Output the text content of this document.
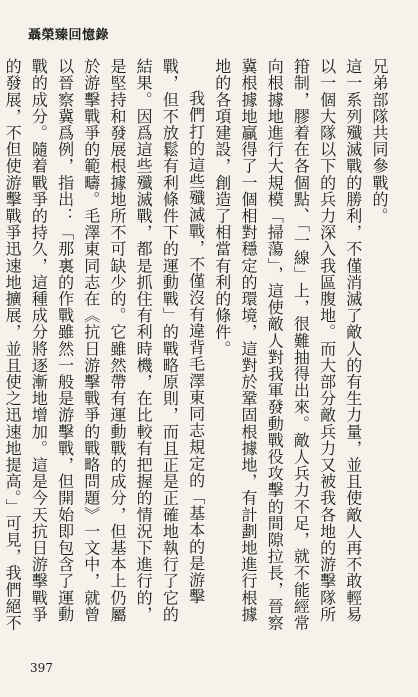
聶榮臻回憶錄

兄弟部隊共同參戰的。

這一系列殲滅戰的勝利，不僅消滅了敵人的有生力量，並且使敵人再不敢輕易以一個大隊以下的兵力深入我區腹地。而大部分敵兵力又被我各地的游擊隊所箝制，膠着在各個點、「一線」上，很難抽得出來。敵人兵力不足，就不能經常向根據地進行大規模「掃蕩」，這使敵人對我軍發動戰役攻擊的間隙拉長，晉察冀根據地贏得了一個相對穩定的環境，這對於鞏固根據地，有計劃地進行根據地的各項建設，創造了相當有利的條件。

我們打的這些殲滅戰，不僅沒有違背毛澤東同志規定的「基本的是游擊戰，但不放鬆有利條件下的運動戰」的戰略原則，而且正是正確地執行了它的結果。因爲這些殲滅戰，都是抓住有利時機，在比較有把握的情況下進行的，是堅持和發展根據地所不可缺少的。它雖然帶有運動戰的成分，但基本上仍屬於游擊戰爭的範疇。毛澤東同志在《抗日游擊戰爭的戰略問題》一文中，就曾以晉察冀爲例，指出：「那裏的作戰雖然一般是游擊戰，但開始即包含了運動戰的成分。隨着戰爭的持久，這種成分將逐漸地增加。這是今天抗日游擊戰爭的發展，不但使游擊戰爭迅速地擴展，並且使之迅速地提高。」可見，我們絕不

397
